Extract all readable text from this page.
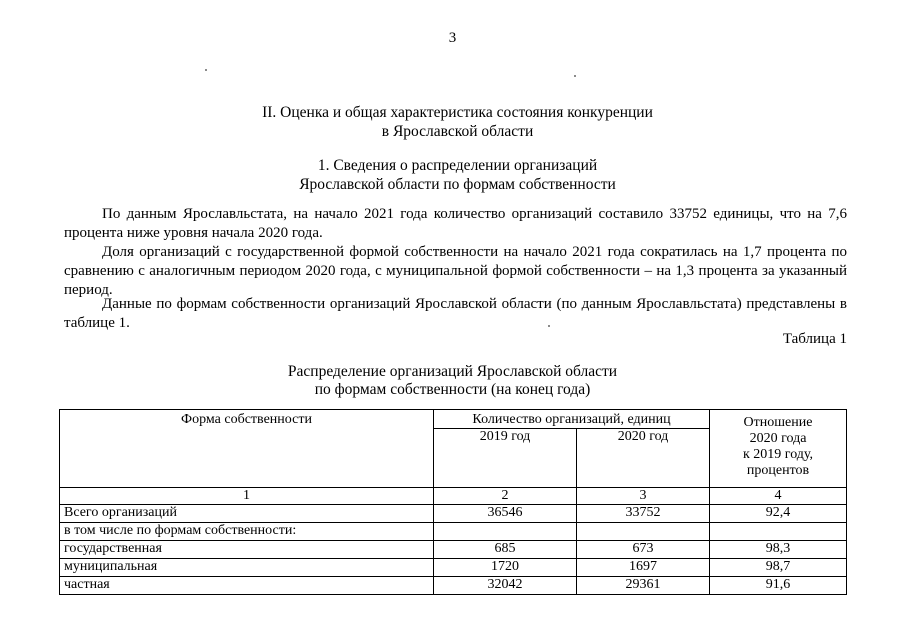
3
II. Оценка и общая характеристика состояния конкуренции
в Ярославской области
1. Сведения о распределении организаций
Ярославской области по формам собственности
По данным Ярославльстата, на начало 2021 года количество организаций составило 33752 единицы, что на 7,6 процента ниже уровня начала 2020 года.
Доля организаций с государственной формой собственности на начало 2021 года сократилась на 1,7 процента по сравнению с аналогичным периодом 2020 года, с муниципальной формой собственности – на 1,3 процента за указанный период.
Данные по формам собственности организаций Ярославской области (по данным Ярославльстата) представлены в таблице 1.
Таблица 1
Распределение организаций Ярославской области
по формам собственности (на конец года)
Форма собственности	Количество организаций, единиц		Отношение
2020 года
к 2019 году,
процентов

	2019 год	2020 год	
1	2	3	4
Всего организаций	36546	33752	92,4
в том числе по формам собственности:			
государственная	685	673	98,3
муниципальная	1720	1697	98,7
частная	32042	29361	91,6
